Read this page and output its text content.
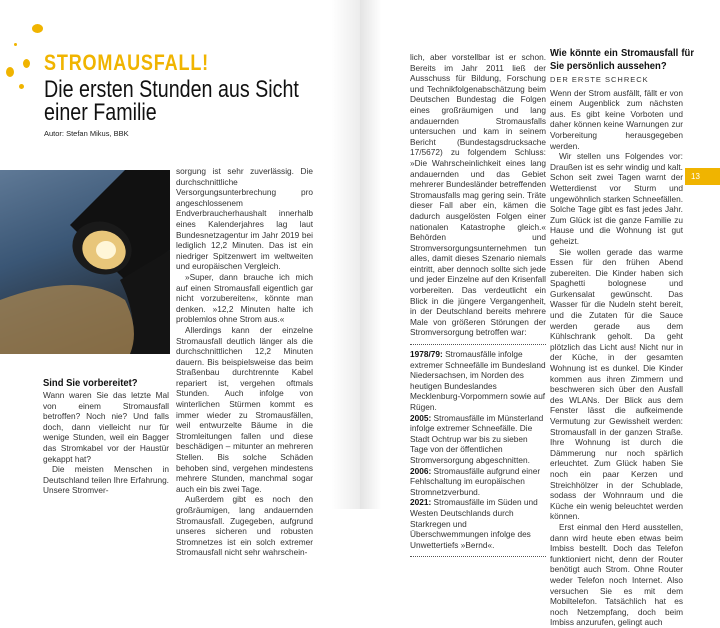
STROMAUSFALL!
Die ersten Stunden aus Sicht einer Familie
Autor: Stefan Mikus, BBK
Sind Sie vorbereitet?

Wann waren Sie das letzte Mal von einem Stromausfall betroffen? Noch nie? Und falls doch, dann vielleicht nur für wenige Stunden, weil ein Bagger das Stromkabel vor der Haustür gekappt hat?

Die meisten Menschen in Deutschland teilen Ihre Erfahrung. Unsere Stromver-

sorgung ist sehr zuverlässig. Die durchschnittliche Versorgungsunterbrechung pro angeschlossenem Endverbraucherhaushalt innerhalb eines Kalenderjahres lag laut Bundesnetzagentur im Jahr 2019 bei lediglich 12,2 Minuten. Das ist ein niedriger Spitzenwert im weltweiten und europäischen Vergleich.

»Super, dann brauche ich mich auf einen Stromausfall eigentlich gar nicht vorzubereiten«, könnte man denken. »12,2 Minuten halte ich problemlos ohne Strom aus.«

Allerdings kann der einzelne Stromausfall deutlich länger als die durchschnittlichen 12,2 Minuten dauern. Bis beispielsweise das beim Straßenbau durchtrennte Kabel repariert ist, vergehen oftmals Stunden. Auch infolge von winterlichen Stürmen kommt es immer wieder zu Stromausfällen, weil entwurzelte Bäume in die Stromleitungen fallen und diese beschädigen – mitunter an mehreren Stellen. Bis solche Schäden behoben sind, vergehen mindestens mehrere Stunden, manchmal sogar auch ein bis zwei Tage.

Außerdem gibt es noch den großräumigen, lang andauernden Stromausfall. Zugegeben, aufgrund unseres sicheren und robusten Stromnetzes ist ein solch extremer Stromausfall nicht sehr wahrschein-

lich, aber vorstellbar ist er schon. Bereits im Jahr 2011 ließ der Ausschuss für Bildung, Forschung und Technikfolgenabschätzung beim Deutschen Bundestag die Folgen eines großräumigen und lang andauernden Stromausfalls untersuchen und kam in seinem Bericht (Bundestagsdrucksache 17/5672) zu folgendem Schluss: »Die Wahrscheinlichkeit eines lang andauernden und das Gebiet mehrerer Bundesländer betreffenden Stromausfalls mag gering sein. Träte dieser Fall aber ein, kämen die dadurch ausgelösten Folgen einer nationalen Katastrophe gleich.« Behörden und Stromversorgungsunternehmen tun alles, damit dieses Szenario niemals eintritt, aber dennoch sollte sich jede und jeder Einzelne auf den Krisenfall vorbereiten. Das verdeutlicht ein Blick in die jüngere Vergangenheit, in der Deutschland bereits mehrere Male von größeren Störungen der Stromversorgung betroffen war:

1978/79: Stromausfälle infolge extremer Schneefälle im Bundesland Niedersachsen, im Norden des heutigen Bundeslandes Mecklenburg-Vorpommern sowie auf Rügen.
2005: Stromausfälle im Münsterland infolge extremer Schneefälle. Die Stadt Ochtrup war bis zu sieben Tage von der öffentlichen Stromversorgung abgeschnitten.
2006: Stromausfälle aufgrund einer Fehlschaltung im europäischen Stromnetzverbund.
2021: Stromausfälle im Süden und Westen Deutschlands durch Starkregen und Überschwemmungen infolge des Unwettertiefs »Bernd«.
Wie könnte ein Stromausfall für Sie persönlich aussehen?
DER ERSTE SCHRECK

Wenn der Strom ausfällt, fällt er von einem Augenblick zum nächsten aus. Es gibt keine Vorboten und daher können keine Warnungen zur Vorbereitung herausgegeben werden.

Wir stellen uns Folgendes vor: Draußen ist es sehr windig und kalt. Schon seit zwei Tagen warnt der Wetterdienst vor Sturm und ungewöhnlich starken Schneefällen. Solche Tage gibt es fast jedes Jahr. Zum Glück ist die ganze Familie zu Hause und die Wohnung ist gut geheizt.

Sie wollen gerade das warme Essen für den frühen Abend zubereiten. Die Kinder haben sich Spaghetti bolognese und Gurkensalat gewünscht. Das Wasser für die Nudeln steht bereit, und die Zutaten für die Sauce werden gerade aus dem Kühlschrank geholt. Da geht plötzlich das Licht aus! Nicht nur in der Küche, in der gesamten Wohnung ist es dunkel. Die Kinder kommen aus ihren Zimmern und beschweren sich über den Ausfall des WLANs. Der Blick aus dem Fenster lässt die aufkeimende Vermutung zur Gewissheit werden: Stromausfall in der ganzen Straße. Ihre Wohnung ist durch die Dämmerung nur noch spärlich erleuchtet. Zum Glück haben Sie noch ein paar Kerzen und Streichhölzer in der Schublade, sodass der Wohnraum und die Küche ein wenig beleuchtet werden können.

Erst einmal den Herd ausstellen, dann wird heute eben etwas beim Imbiss bestellt. Doch das Telefon funktioniert nicht, denn der Router benötigt auch Strom. Ohne Router weder Telefon noch Internet. Also versuchen Sie es mit dem Mobiltelefon. Tatsächlich hat es noch Netzempfang, doch beim Imbiss anzurufen, gelingt auch

13
